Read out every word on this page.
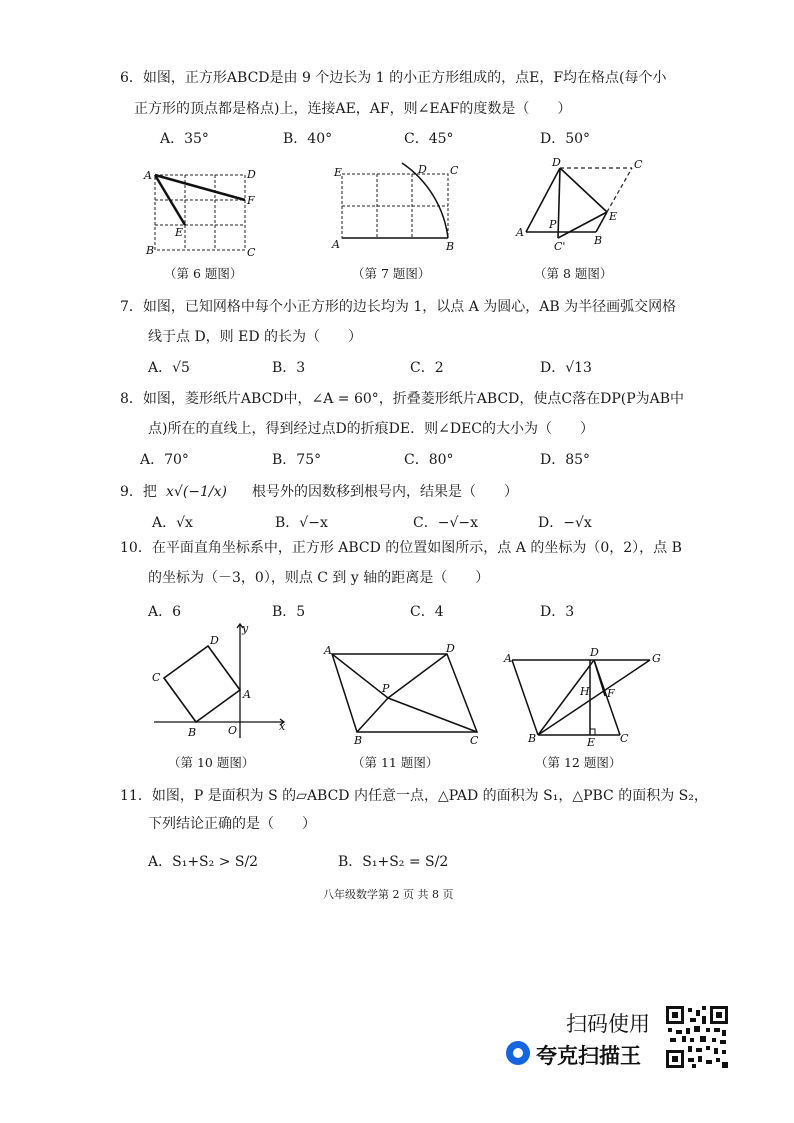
6．如图，正方形ABCD是由 9 个边长为 1 的小正方形组成的，点E，F均在格点(每个小
正方形的顶点都是格点)上，连接AE，AF，则∠EAF的度数是（　　）
A．35°	B．40°	C．45°	D．50°
A	D
F
E
B	C
E	D C
A	B
D	C
A
P
E
B
C'
（第 6 题图）	（第 7 题图）	（第 8 题图）
7．如图，已知网格中每个小正方形的边长均为 1，以点 A 为圆心，AB 为半径画弧交网格
线于点 D，则 ED 的长为（　　）
A．√5	B．3	C．2	D．√13
8．如图，菱形纸片ABCD中，∠A = 60°，折叠菱形纸片ABCD，使点C落在DP(P为AB中
点)所在的直线上，得到经过点D的折痕DE．则∠DEC的大小为（　　）
A．70°	B．75°	C．80°	D．85°
9．把 x√(−1/x) 根号外的因数移到根号内，结果是（　　）
A．√x	B．√−x	C．−√−x	D．−√x
10．在平面直角坐标系中，正方形 ABCD 的位置如图所示，点 A 的坐标为（0，2），点 B
的坐标为（－3，0），则点 C 到 y 轴的距离是（　　）
A．6	B．5	C．4	D．3
y
x
D
C
A
B	O
A	D
P
B	C
A	D	G
H F
B	E C
（第 10 题图）	（第 11 题图）	（第 12 题图）
11．如图，P 是面积为 S 的▱ABCD 内任意一点，△PAD 的面积为 S₁，△PBC 的面积为 S₂，
下列结论正确的是（　　）
A．S₁+S₂ > S/2	B．S₁+S₂ = S/2
八年级数学第 2 页 共 8 页
扫码使用
夸克扫描王
